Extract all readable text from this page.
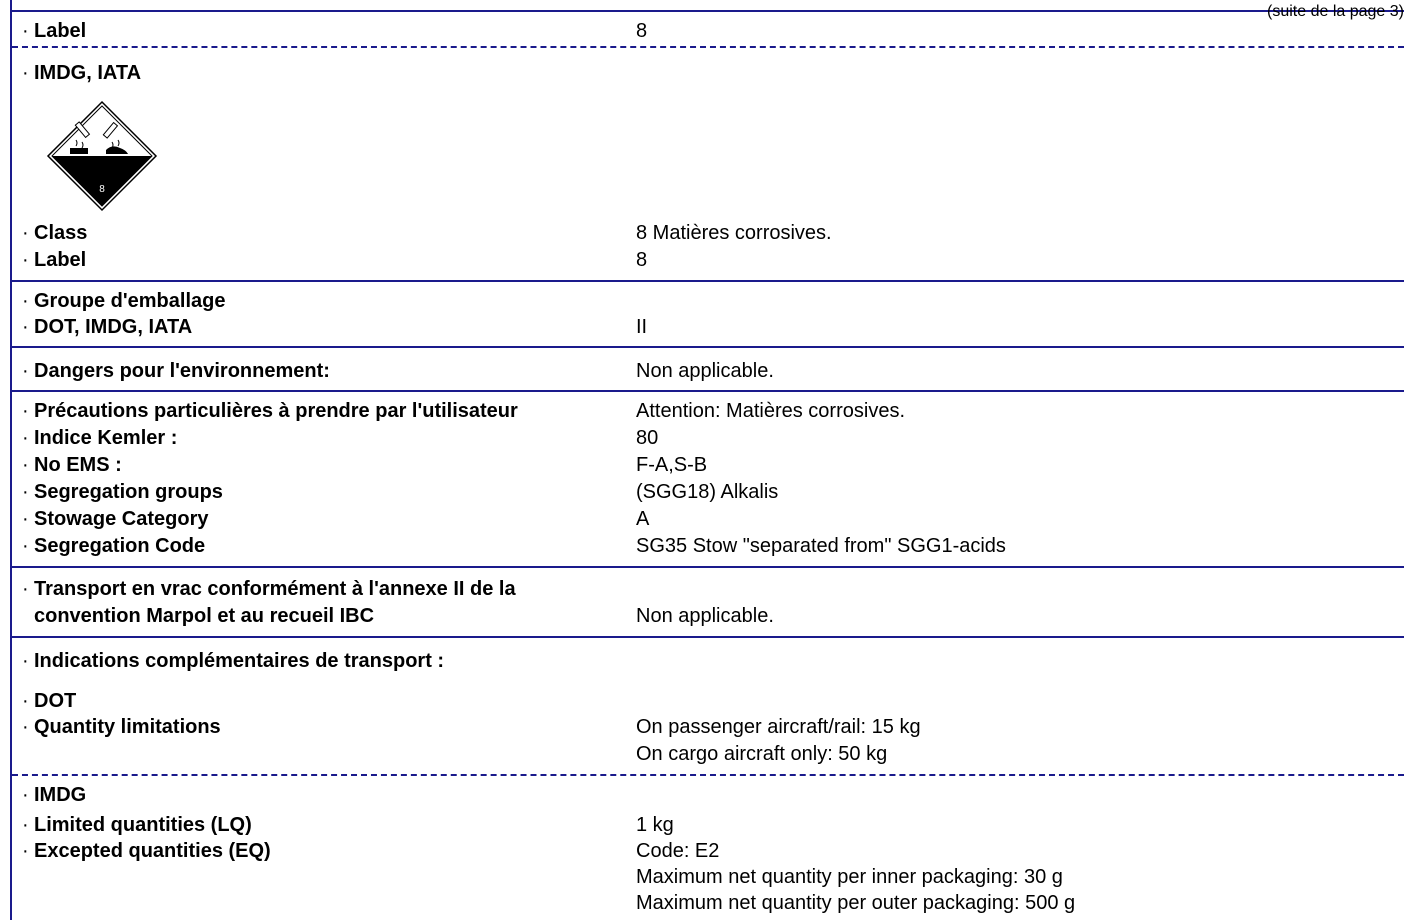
(suite de la page 3)
· Label	8
· IMDG, IATA
8
· Class	8 Matières corrosives.
· Label	8
· Groupe d'emballage
· DOT, IMDG, IATA	II
· Dangers pour l'environnement:	Non applicable.
· Précautions particulières à prendre par l'utilisateur	Attention: Matières corrosives.
· Indice Kemler :	80
· No EMS :	F-A,S-B
· Segregation groups	(SGG18) Alkalis
· Stowage Category	A
· Segregation Code	SG35 Stow "separated from" SGG1-acids
· Transport en vrac conformément à l'annexe II de la
convention Marpol et au recueil IBC	Non applicable.
· Indications complémentaires de transport :
· DOT
· Quantity limitations	On passenger aircraft/rail: 15 kg
On cargo aircraft only: 50 kg
· IMDG
· Limited quantities (LQ)	1 kg
· Excepted quantities (EQ)	Code: E2
Maximum net quantity per inner packaging: 30 g
Maximum net quantity per outer packaging: 500 g
